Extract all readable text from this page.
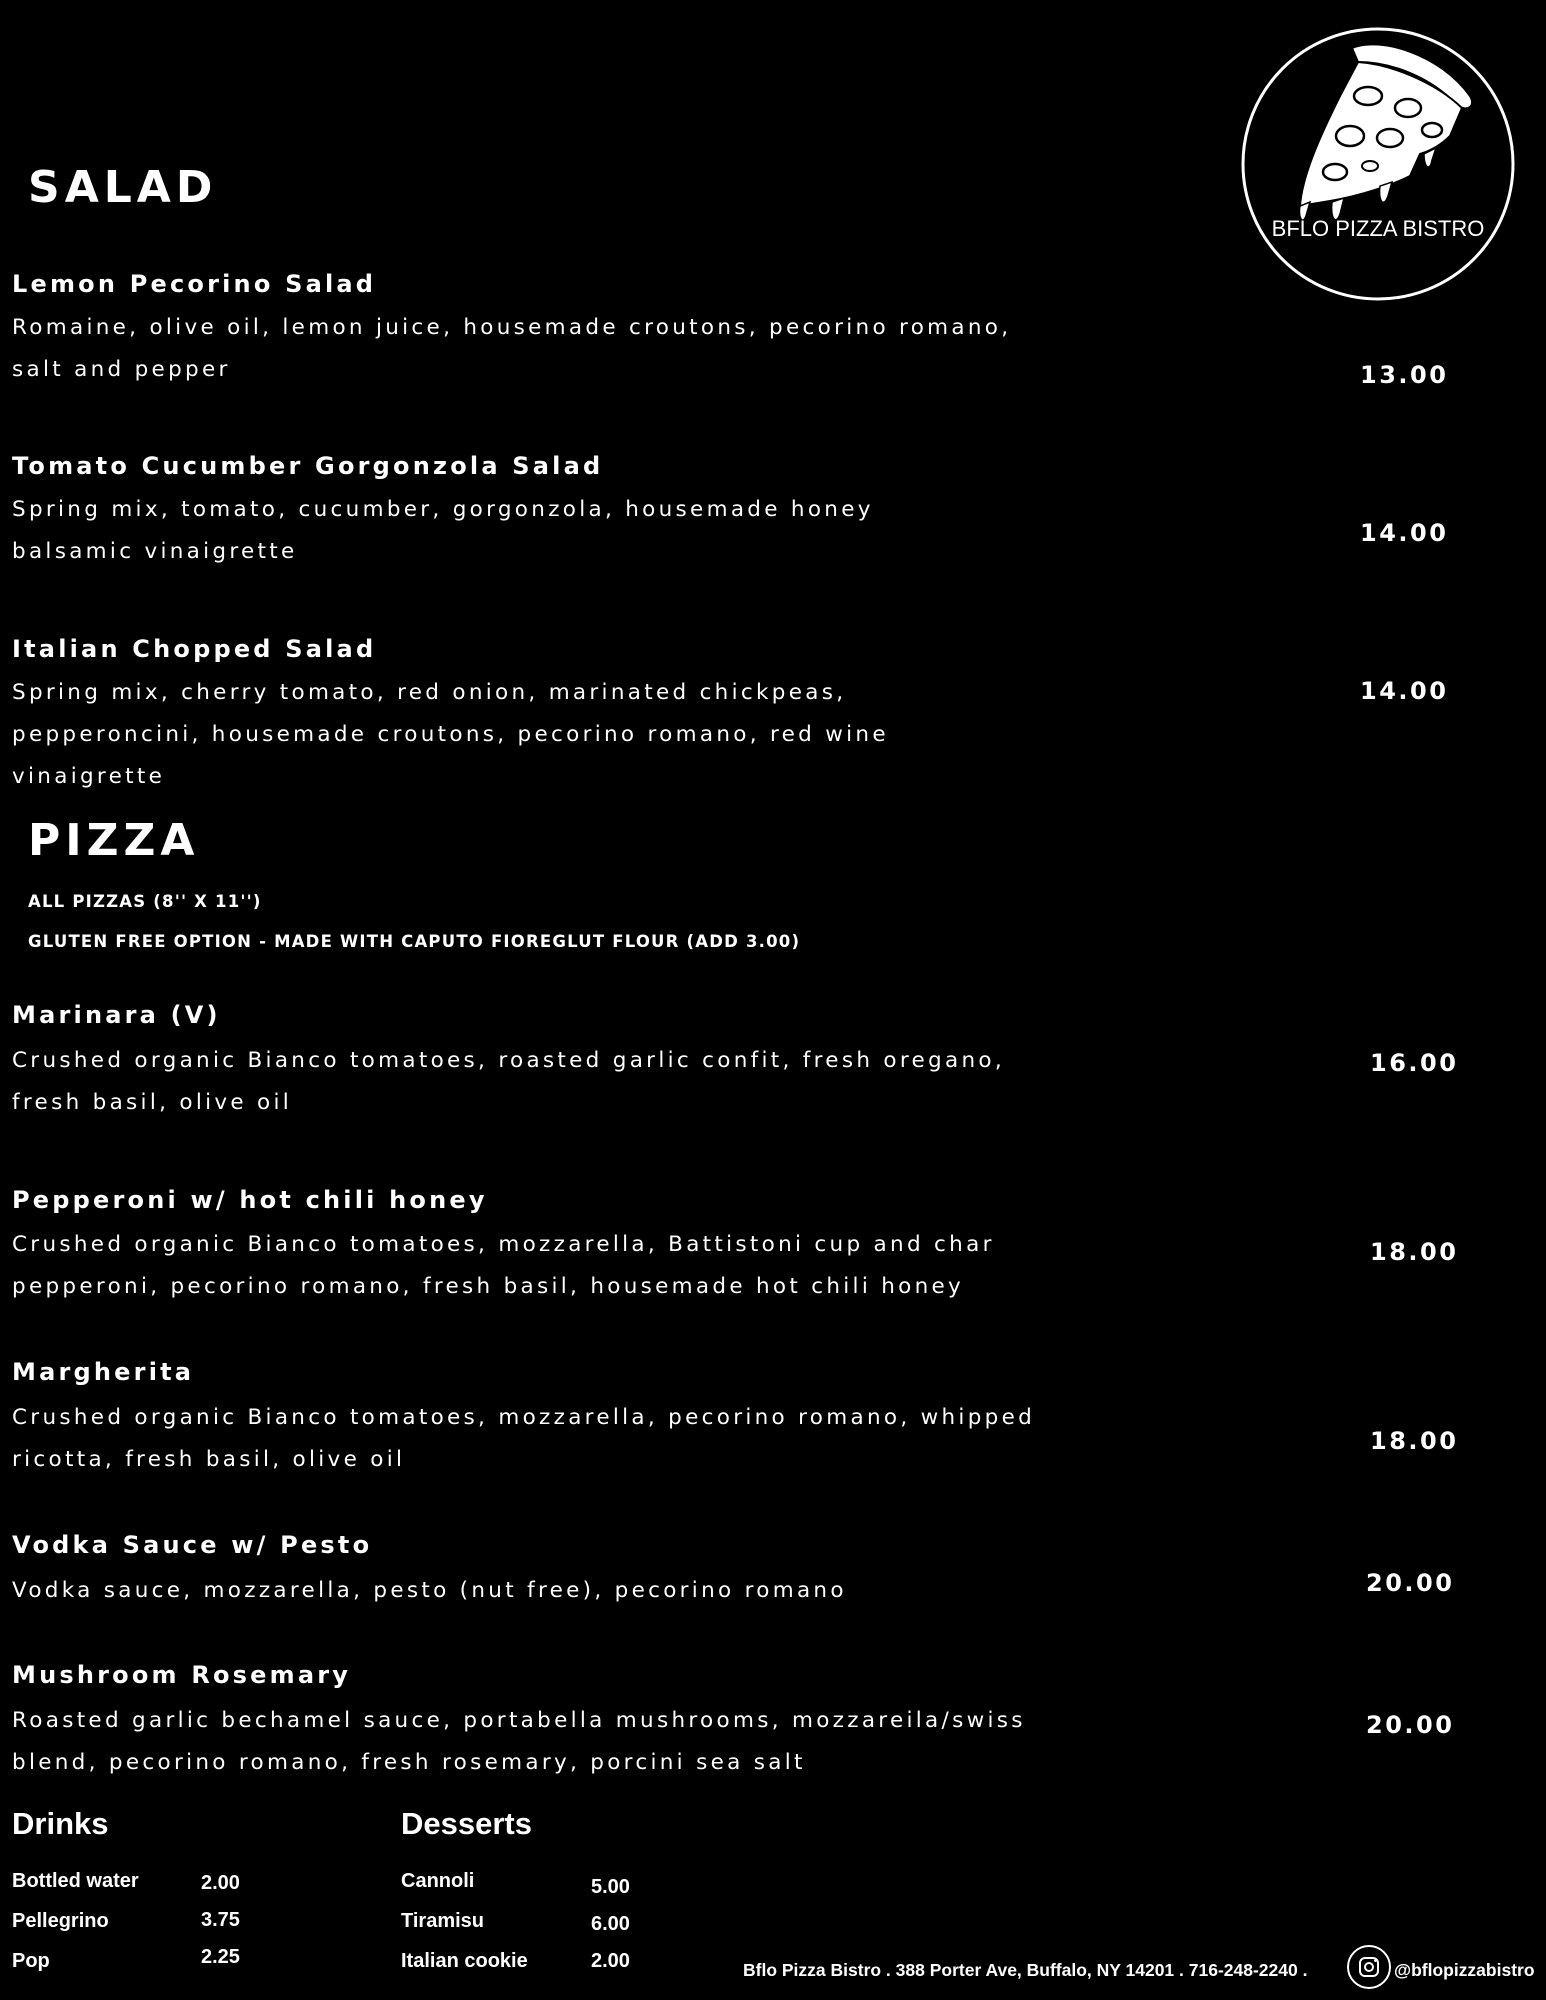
BFLO PIZZA BISTRO
SALAD
Lemon Pecorino Salad
Romaine, olive oil, lemon juice, housemade croutons, pecorino romano, salt and pepper	13.00
Tomato Cucumber Gorgonzola Salad
Spring mix, tomato, cucumber, gorgonzola, housemade honey balsamic vinaigrette
14.00
Italian Chopped Salad
Spring mix, cherry tomato, red onion, marinated chickpeas, pepperoncini, housemade croutons, pecorino romano, red wine vinaigrette
14.00
PIZZA
ALL PIZZAS (8'' X 11'')
GLUTEN FREE OPTION - MADE WITH CAPUTO FIOREGLUT FLOUR (ADD 3.00)
Marinara (V)
Crushed organic Bianco tomatoes, roasted garlic confit, fresh oregano, fresh basil, olive oil
16.00
Pepperoni w/ hot chili honey
Crushed organic Bianco tomatoes, mozzarella, Battistoni cup and char pepperoni, pecorino romano, fresh basil, housemade hot chili honey
18.00
Margherita
Crushed organic Bianco tomatoes, mozzarella, pecorino romano, whipped ricotta, fresh basil, olive oil
18.00
Vodka Sauce w/ Pesto
Vodka sauce, mozzarella, pesto (nut free), pecorino romano	20.00
Mushroom Rosemary
Roasted garlic bechamel sauce, portabella mushrooms, mozzareila/swiss blend, pecorino romano, fresh rosemary, porcini sea salt
20.00
Drinks
Bottled water	2.00
Pellegrino	3.75
Pop	2.25
Desserts
Cannoli	5.00
Tiramisu	6.00
Italian cookie	2.00	Bflo Pizza Bistro . 388 Porter Ave, Buffalo, NY 14201 . 716-248-2240 .	@bflopizzabistro
